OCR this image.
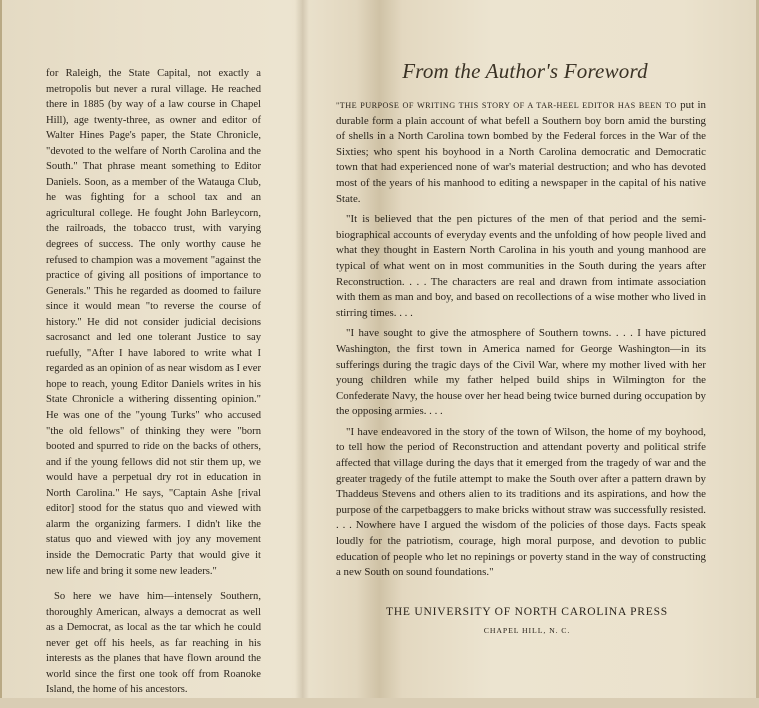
for Raleigh, the State Capital, not exactly a metropolis but never a rural village. He reached there in 1885 (by way of a law course in Chapel Hill), age twenty-three, as owner and editor of Walter Hines Page's paper, the State Chronicle, "devoted to the welfare of North Carolina and the South." That phrase meant something to Editor Daniels. Soon, as a member of the Watauga Club, he was fighting for a school tax and an agricultural college. He fought John Barleycorn, the railroads, the tobacco trust, with varying degrees of success. The only worthy cause he refused to champion was a movement "against the practice of giving all positions of importance to Generals." This he regarded as doomed to failure since it would mean "to reverse the course of history." He did not consider judicial decisions sacrosanct and led one tolerant Justice to say ruefully, "After I have labored to write what I regarded as an opinion of as near wisdom as I ever hope to reach, young Editor Daniels writes in his State Chronicle a withering dissenting opinion." He was one of the "young Turks" who accused "the old fellows" of thinking they were "born booted and spurred to ride on the backs of others, and if the young fellows did not stir them up, we would have a perpetual dry rot in education in North Carolina." He says, "Captain Ashe [rival editor] stood for the status quo and viewed with alarm the organizing farmers. I didn't like the status quo and viewed with joy any movement inside the Democratic Party that would give it new life and bring it some new leaders."

So here we have him—intensely Southern, thoroughly American, always a democrat as well as a Democrat, as local as the tar which he could never get off his heels, as far reaching in his interests as the planes that have flown around the world since the first one took off from Roanoke Island, the home of his ancestors.

From the Author's Foreword

"THE PURPOSE OF WRITING THIS STORY OF A TAR-HEEL EDITOR HAS BEEN TO put in durable form a plain account of what befell a Southern boy born amid the bursting of shells in a North Carolina town bombed by the Federal forces in the War of the Sixties; who spent his boyhood in a North Carolina democratic and Democratic town that had experienced none of war's material destruction; and who has devoted most of the years of his manhood to editing a newspaper in the capital of his native State.

"It is believed that the pen pictures of the men of that period and the semi-biographical accounts of everyday events and the unfolding of how people lived and what they thought in Eastern North Carolina in his youth and young manhood are typical of what went on in most communities in the South during the years after Reconstruction. . . . The characters are real and drawn from intimate association with them as man and boy, and based on recollections of a wise mother who lived in stirring times. . . .

"I have sought to give the atmosphere of Southern towns. . . . I have pictured Washington, the first town in America named for George Washington—in its sufferings during the tragic days of the Civil War, where my mother lived with her young children while my father helped build ships in Wilmington for the Confederate Navy, the house over her head being twice burned during occupation by the opposing armies. . . .

"I have endeavored in the story of the town of Wilson, the home of my boyhood, to tell how the period of Reconstruction and attendant poverty and political strife affected that village during the days that it emerged from the tragedy of war and the greater tragedy of the futile attempt to make the South over after a pattern drawn by Thaddeus Stevens and others alien to its traditions and its aspirations, and how the purpose of the carpetbaggers to make bricks without straw was successfully resisted. . . . Nowhere have I argued the wisdom of the policies of those days. Facts speak loudly for the patriotism, courage, high moral purpose, and devotion to public education of people who let no repinings or poverty stand in the way of constructing a new South on sound foundations."

THE UNIVERSITY OF NORTH CAROLINA PRESS
CHAPEL HILL, N. C.
